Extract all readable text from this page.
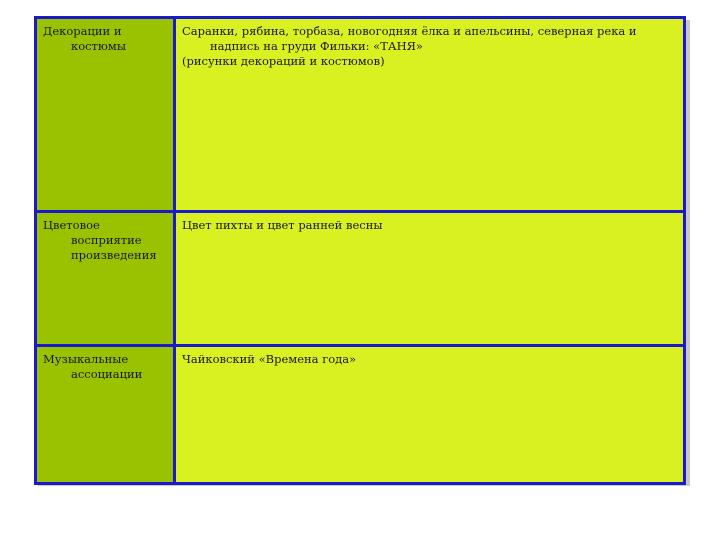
Декорации и костюмы	Саранки, рябина, торбаза, новогодняя ёлка и апельсины, северная река и
надпись на груди Фильки: «ТАНЯ»
(рисунки декораций и костюмов)

Цветовое восприятие произведения	Цвет пихты и цвет ранней весны

Музыкальные ассоциации	Чайковский «Времена года»
